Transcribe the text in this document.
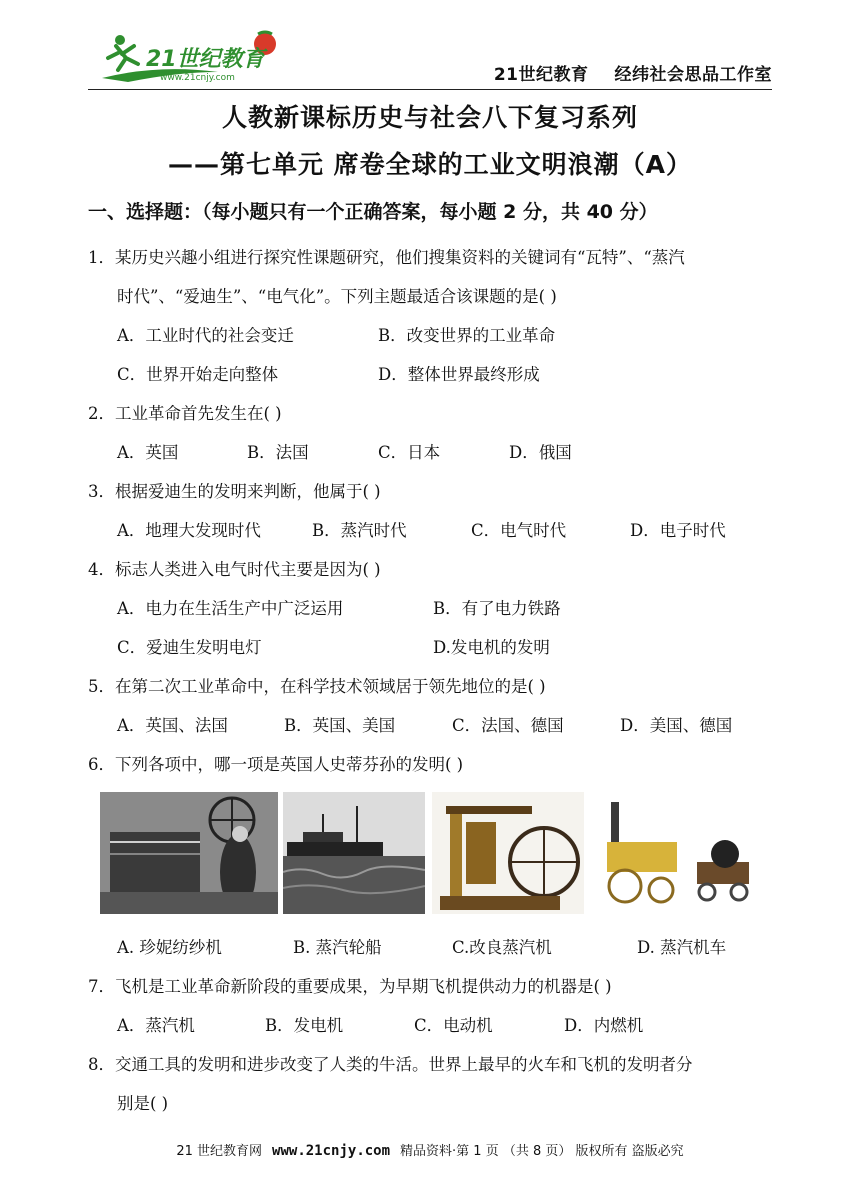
21世纪教育
www.21cnjy.com	21世纪教育 经纬社会思品工作室
人教新课标历史与社会八下复习系列
——第七单元 席卷全球的工业文明浪潮（A）
一、选择题：（每小题只有一个正确答案，每小题 2 分，共 40 分）
1．某历史兴趣小组进行探究性课题研究，他们搜集资料的关键词有“瓦特”、“蒸汽
时代”、“爱迪生”、“电气化”。下列主题最适合该课题的是( )
A．工业时代的社会变迁	B．改变世界的工业革命
C．世界开始走向整体	D．整体世界最终形成
2．工业革命首先发生在( )
A．英国	B．法国	C．日本	D．俄国
3．根据爱迪生的发明来判断，他属于( )
A．地理大发现时代	B．蒸汽时代	C．电气时代	D．电子时代
4．标志人类进入电气时代主要是因为( )
A．电力在生活生产中广泛运用	B．有了电力铁路
C．爱迪生发明电灯	D.发电机的发明
5．在第二次工业革命中，在科学技术领域居于领先地位的是( )
A．英国、法国	B．英国、美国	C．法国、德国	D．美国、德国
6．下列各项中，哪一项是英国人史蒂芬孙的发明( )
A. 珍妮纺纱机	B. 蒸汽轮船	C.改良蒸汽机	D. 蒸汽机车
7．飞机是工业革命新阶段的重要成果，为早期飞机提供动力的机器是( )
A．蒸汽机	B．发电机	C．电动机	D．内燃机
8．交通工具的发明和进步改变了人类的牛活。世界上最早的火车和飞机的发明者分
别是( )
21 世纪教育网 www.21cnjy.com 精品资料·第 1 页 （共 8 页） 版权所有 盗版必究
